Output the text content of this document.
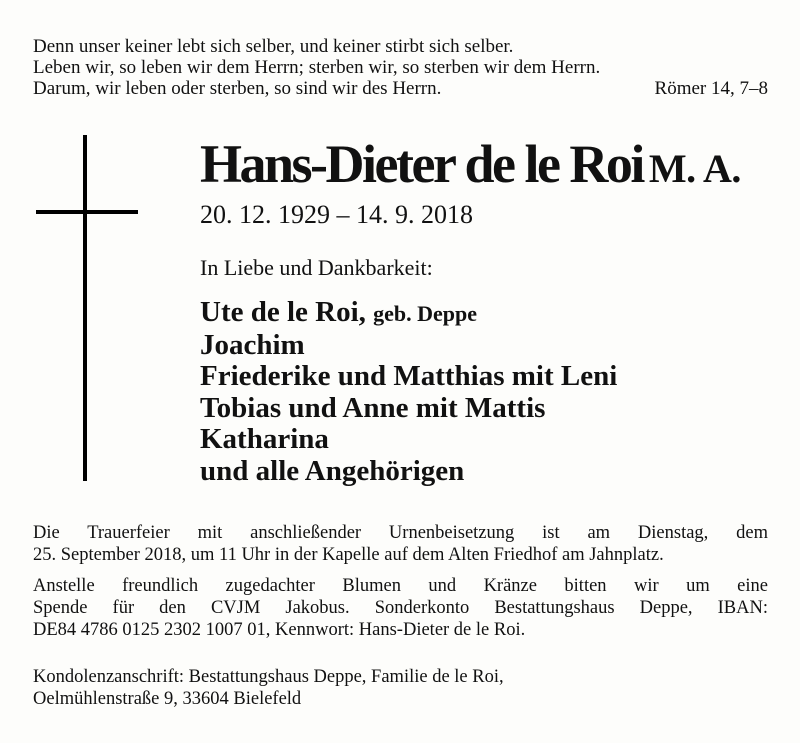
Denn unser keiner lebt sich selber, und keiner stirbt sich selber.
Leben wir, so leben wir dem Herrn; sterben wir, so sterben wir dem Herrn.
Darum, wir leben oder sterben, so sind wir des Herrn.	Römer 14, 7–8
Hans-Dieter de le Roi M. A.
20. 12. 1929 – 14. 9. 2018
In Liebe und Dankbarkeit:
Ute de le Roi, geb. Deppe
Joachim
Friederike und Matthias mit Leni
Tobias und Anne mit Mattis
Katharina
und alle Angehörigen
Die Trauerfeier mit anschließender Urnenbeisetzung ist am Dienstag, dem
25. September 2018, um 11 Uhr in der Kapelle auf dem Alten Friedhof am Jahnplatz.
Anstelle freundlich zugedachter Blumen und Kränze bitten wir um eine
Spende für den CVJM Jakobus. Sonderkonto Bestattungshaus Deppe, IBAN:
DE84 4786 0125 2302 1007 01, Kennwort: Hans-Dieter de le Roi.
Kondolenzanschrift: Bestattungshaus Deppe, Familie de le Roi,
Oelmühlenstraße 9, 33604 Bielefeld
